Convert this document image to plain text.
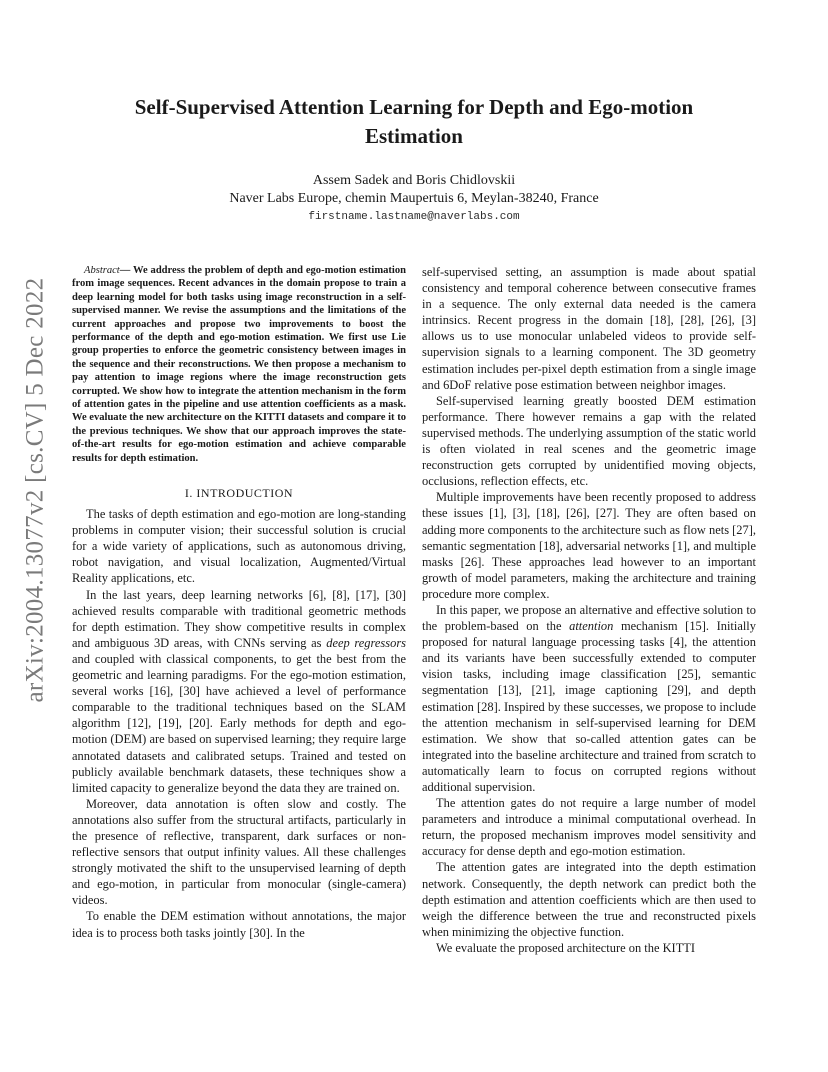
arXiv:2004.13077v2 [cs.CV] 5 Dec 2022
Self-Supervised Attention Learning for Depth and Ego-motion Estimation
Assem Sadek and Boris Chidlovskii
Naver Labs Europe, chemin Maupertuis 6, Meylan-38240, France
firstname.lastname@naverlabs.com

Abstract— We address the problem of depth and ego-motion estimation from image sequences. Recent advances in the domain propose to train a deep learning model for both tasks using image reconstruction in a self-supervised manner. We revise the assumptions and the limitations of the current approaches and propose two improvements to boost the performance of the depth and ego-motion estimation. We first use Lie group properties to enforce the geometric consistency between images in the sequence and their reconstructions. We then propose a mechanism to pay attention to image regions where the image reconstruction gets corrupted. We show how to integrate the attention mechanism in the form of attention gates in the pipeline and use attention coefficients as a mask. We evaluate the new architecture on the KITTI datasets and compare it to the previous techniques. We show that our approach improves the state-of-the-art results for ego-motion estimation and achieve comparable results for depth estimation.

I. INTRODUCTION

The tasks of depth estimation and ego-motion are long-standing problems in computer vision; their successful solution is crucial for a wide variety of applications, such as autonomous driving, robot navigation, and visual localization, Augmented/Virtual Reality applications, etc.

In the last years, deep learning networks [6], [8], [17], [30] achieved results comparable with traditional geometric methods for depth estimation. They show competitive results in complex and ambiguous 3D areas, with CNNs serving as deep regressors and coupled with classical components, to get the best from the geometric and learning paradigms. For the ego-motion estimation, several works [16], [30] have achieved a level of performance comparable to the traditional techniques based on the SLAM algorithm [12], [19], [20]. Early methods for depth and ego-motion (DEM) are based on supervised learning; they require large annotated datasets and calibrated setups. Trained and tested on publicly available benchmark datasets, these techniques show a limited capacity to generalize beyond the data they are trained on.

Moreover, data annotation is often slow and costly. The annotations also suffer from the structural artifacts, particularly in the presence of reflective, transparent, dark surfaces or non-reflective sensors that output infinity values. All these challenges strongly motivated the shift to the unsupervised learning of depth and ego-motion, in particular from monocular (single-camera) videos.

To enable the DEM estimation without annotations, the major idea is to process both tasks jointly [30]. In the

self-supervised setting, an assumption is made about spatial consistency and temporal coherence between consecutive frames in a sequence. The only external data needed is the camera intrinsics. Recent progress in the domain [18], [28], [26], [3] allows us to use monocular unlabeled videos to provide self-supervision signals to a learning component. The 3D geometry estimation includes per-pixel depth estimation from a single image and 6DoF relative pose estimation between neighbor images.

Self-supervised learning greatly boosted DEM estimation performance. There however remains a gap with the related supervised methods. The underlying assumption of the static world is often violated in real scenes and the geometric image reconstruction gets corrupted by unidentified moving objects, occlusions, reflection effects, etc.

Multiple improvements have been recently proposed to address these issues [1], [3], [18], [26], [27]. They are often based on adding more components to the architecture such as flow nets [27], semantic segmentation [18], adversarial networks [1], and multiple masks [26]. These approaches lead however to an important growth of model parameters, making the architecture and training procedure more complex.

In this paper, we propose an alternative and effective solution to the problem-based on the attention mechanism [15]. Initially proposed for natural language processing tasks [4], the attention and its variants have been successfully extended to computer vision tasks, including image classification [25], semantic segmentation [13], [21], image captioning [29], and depth estimation [28]. Inspired by these successes, we propose to include the attention mechanism in self-supervised learning for DEM estimation. We show that so-called attention gates can be integrated into the baseline architecture and trained from scratch to automatically learn to focus on corrupted regions without additional supervision.

The attention gates do not require a large number of model parameters and introduce a minimal computational overhead. In return, the proposed mechanism improves model sensitivity and accuracy for dense depth and ego-motion estimation.

The attention gates are integrated into the depth estimation network. Consequently, the depth network can predict both the depth estimation and attention coefficients which are then used to weigh the difference between the true and reconstructed pixels when minimizing the objective function.

We evaluate the proposed architecture on the KITTI
